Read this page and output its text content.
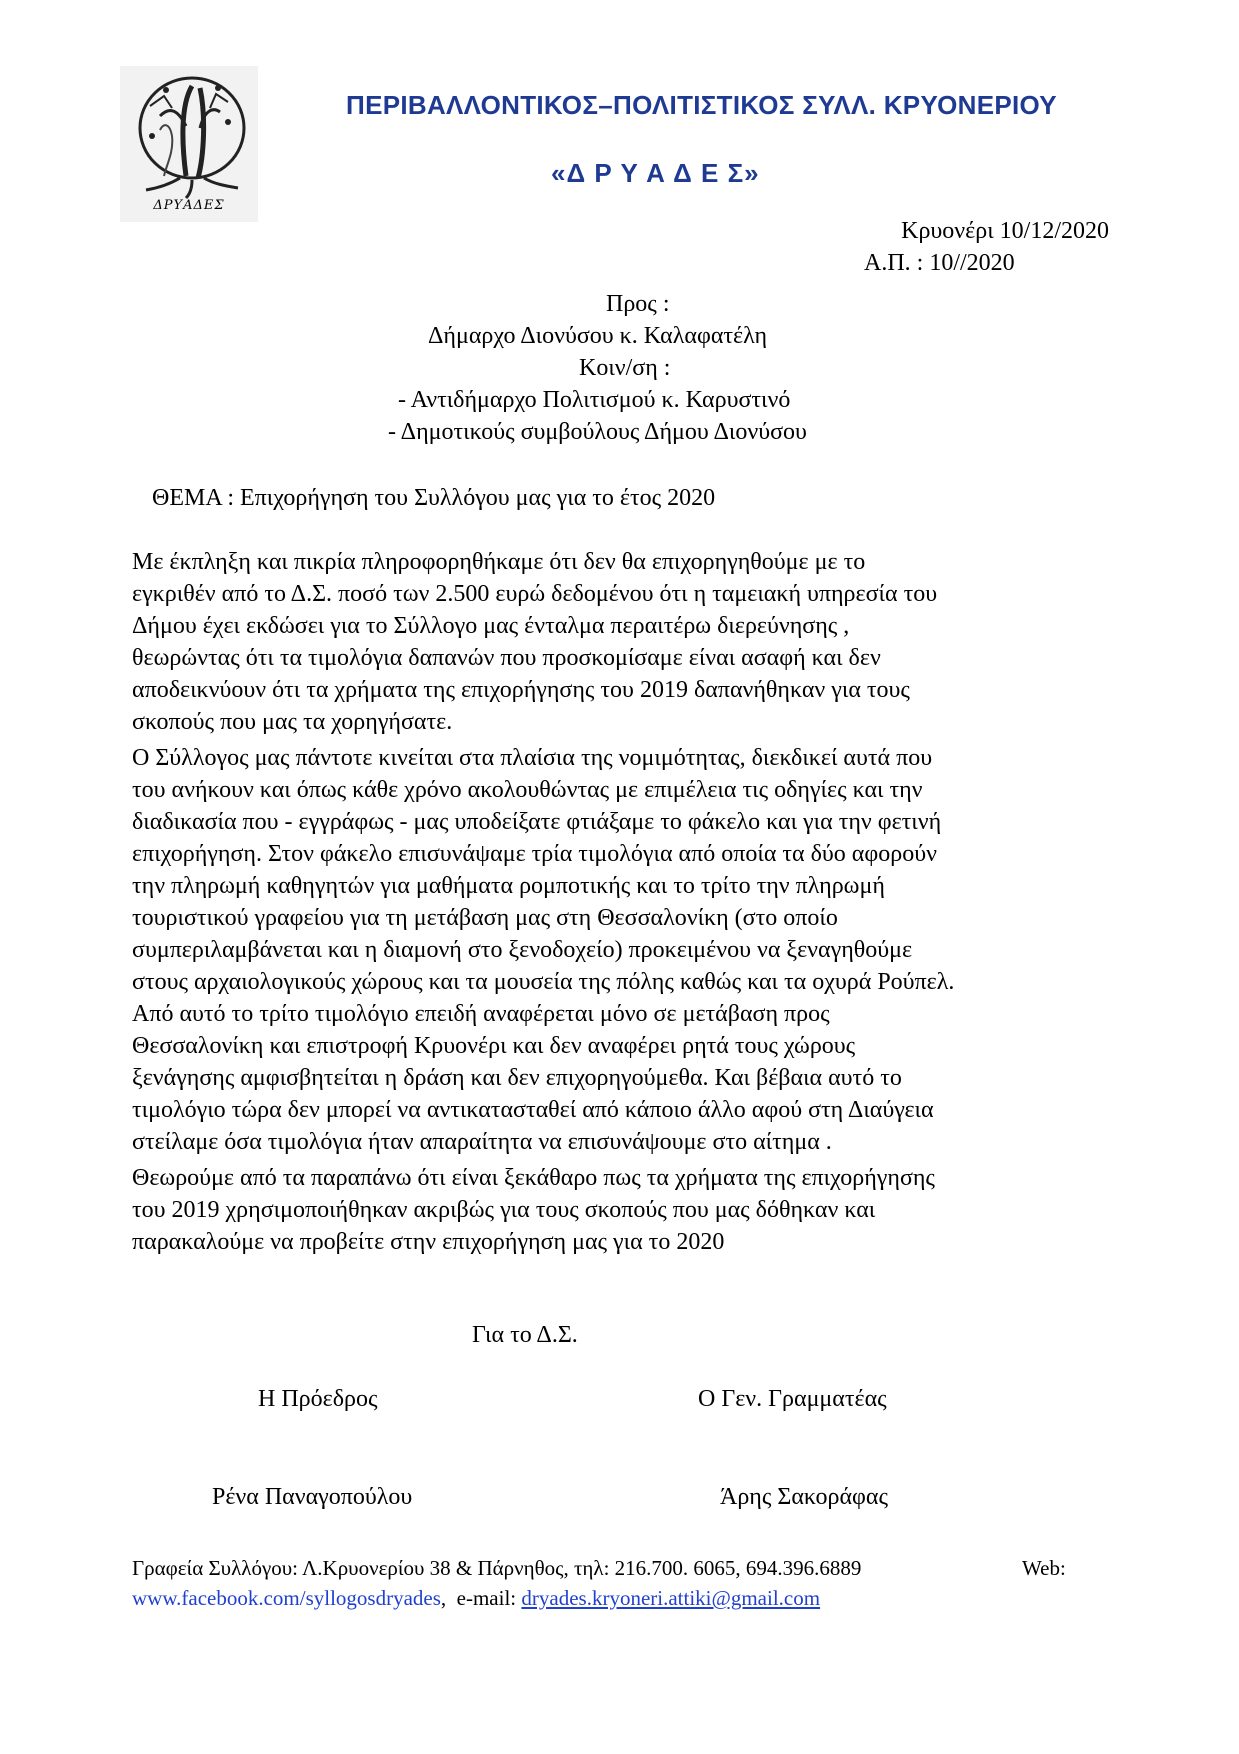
ΔΡΥΑΔΕΣ
ΠΕΡΙΒΑΛΛΟΝΤΙΚΟΣ–ΠΟΛΙΤΙΣΤΙΚΟΣ ΣΥΛΛ. ΚΡΥΟΝΕΡΙΟΥ
«Δ Ρ Υ Α Δ Ε Σ»
Κρυονέρι 10/12/2020
Α.Π. : 10//2020
Προς :
Δήμαρχο Διονύσου κ. Καλαφατέλη
Κοιν/ση :
- Αντιδήμαρχο Πολιτισμού κ. Καρυστινό
- Δημοτικούς συμβούλους Δήμου Διονύσου
ΘΕΜΑ : Επιχορήγηση του Συλλόγου μας για το έτος 2020
Με έκπληξη και πικρία πληροφορηθήκαμε ότι δεν θα επιχορηγηθούμε με το
εγκριθέν από το Δ.Σ. ποσό των 2.500 ευρώ δεδομένου ότι η ταμειακή υπηρεσία του
Δήμου έχει εκδώσει για το Σύλλογο μας ένταλμα περαιτέρω διερεύνησης ,
θεωρώντας ότι τα τιμολόγια δαπανών που προσκομίσαμε είναι ασαφή και δεν
αποδεικνύουν ότι τα χρήματα της επιχορήγησης του 2019 δαπανήθηκαν για τους
σκοπούς που μας τα χορηγήσατε.
Ο Σύλλογος μας πάντοτε κινείται στα πλαίσια της νομιμότητας, διεκδικεί αυτά που
του ανήκουν και όπως κάθε χρόνο ακολουθώντας με επιμέλεια τις οδηγίες και την
διαδικασία που - εγγράφως - μας υποδείξατε φτιάξαμε το φάκελο και για την φετινή
επιχορήγηση. Στον φάκελο επισυνάψαμε τρία τιμολόγια από οποία τα δύο αφορούν
την πληρωμή καθηγητών για μαθήματα ρομποτικής και το τρίτο την πληρωμή
τουριστικού γραφείου για τη μετάβαση μας στη Θεσσαλονίκη (στο οποίο
συμπεριλαμβάνεται και η διαμονή στο ξενοδοχείο) προκειμένου να ξεναγηθούμε
στους αρχαιολογικούς χώρους και τα μουσεία της πόλης καθώς και τα οχυρά Ρούπελ.
Από αυτό το τρίτο τιμολόγιο επειδή αναφέρεται μόνο σε μετάβαση προς
Θεσσαλονίκη και επιστροφή Κρυονέρι και δεν αναφέρει ρητά τους χώρους
ξενάγησης αμφισβητείται η δράση και δεν επιχορηγούμεθα. Και βέβαια αυτό το
τιμολόγιο τώρα δεν μπορεί να αντικατασταθεί από κάποιο άλλο αφού στη Διαύγεια
στείλαμε όσα τιμολόγια ήταν απαραίτητα να επισυνάψουμε στο αίτημα .
Θεωρούμε από τα παραπάνω ότι είναι ξεκάθαρο πως τα χρήματα της επιχορήγησης
του 2019 χρησιμοποιήθηκαν ακριβώς για τους σκοπούς που μας δόθηκαν και
παρακαλούμε να προβείτε στην επιχορήγηση μας για το 2020
Για το Δ.Σ.
Η Πρόεδρος	Ο Γεν. Γραμματέας
Ρένα Παναγοπούλου	Άρης Σακοράφας
Γραφεία Συλλόγου: Λ.Κρυονερίου 38 & Πάρνηθος, τηλ: 216.700. 6065, 694.396.6889	Web:
www.facebook.com/syllogosdryades,  e-mail: dryades.kryoneri.attiki@gmail.com
